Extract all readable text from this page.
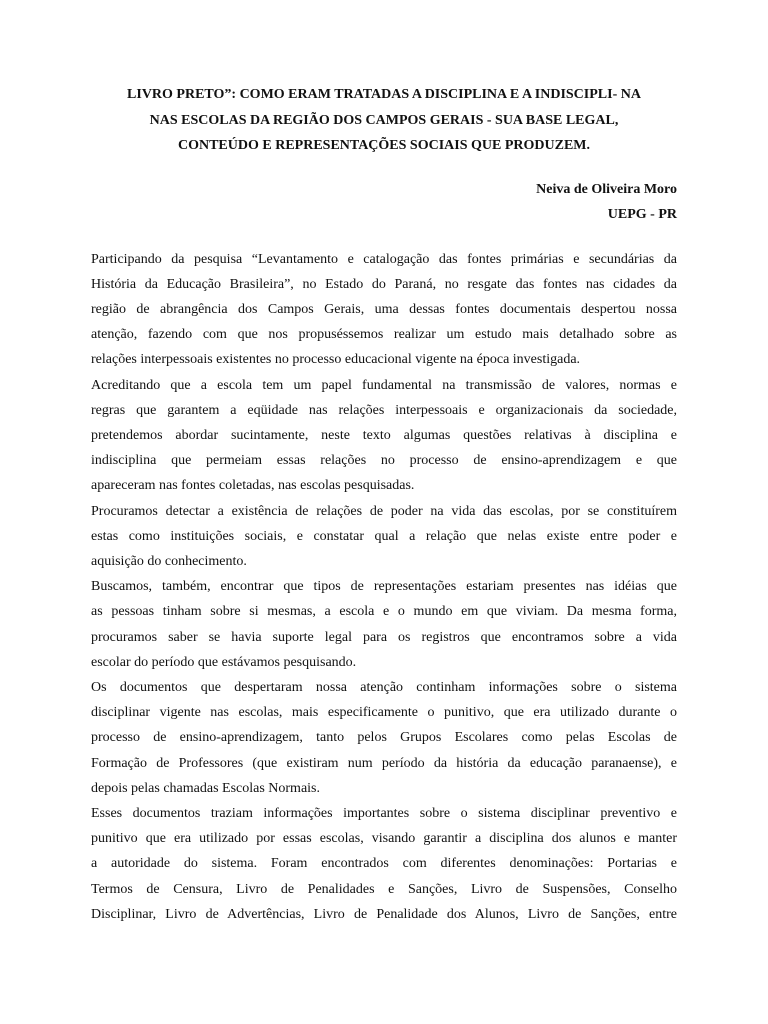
LIVRO PRETO”: COMO ERAM TRATADAS A DISCIPLINA E A INDISCIPLI- NA
NAS ESCOLAS DA REGIÃO DOS CAMPOS GERAIS - SUA BASE LEGAL,
CONTEÚDO E REPRESENTAÇÕES SOCIAIS QUE PRODUZEM.
Neiva de Oliveira Moro
UEPG - PR

Participando da pesquisa “Levantamento e catalogação das fontes primárias e secundárias da
História da Educação Brasileira”, no Estado do Paraná, no resgate das fontes nas cidades da
região de abrangência dos Campos Gerais, uma dessas fontes documentais despertou nossa
atenção, fazendo com que nos propuséssemos realizar um estudo mais detalhado sobre as
relações interpessoais existentes no processo educacional vigente na época investigada.

Acreditando que a escola tem um papel fundamental na transmissão de valores, normas e
regras que garantem a eqüidade nas relações interpessoais e organizacionais da sociedade,
pretendemos abordar sucintamente, neste texto algumas questões relativas à disciplina e
indisciplina que permeiam essas relações no processo de ensino-aprendizagem e que
apareceram nas fontes coletadas, nas escolas pesquisadas.

Procuramos detectar a existência de relações de poder na vida das escolas, por se constituírem
estas como instituições sociais, e constatar qual a relação que nelas existe entre poder e
aquisição do conhecimento.

Buscamos, também, encontrar que tipos de representações estariam presentes nas idéias que
as pessoas tinham sobre si mesmas, a escola e o mundo em que viviam. Da mesma forma,
procuramos saber se havia suporte legal para os registros que encontramos sobre a vida
escolar do período que estávamos pesquisando.

Os documentos que despertaram nossa atenção continham informações sobre o sistema
disciplinar vigente nas escolas, mais especificamente o punitivo, que era utilizado durante o
processo de ensino-aprendizagem, tanto pelos Grupos Escolares como pelas Escolas de
Formação de Professores (que existiram num período da história da educação paranaense), e
depois pelas chamadas Escolas Normais.

Esses documentos traziam informações importantes sobre o sistema disciplinar preventivo e
punitivo que era utilizado por essas escolas, visando garantir a disciplina dos alunos e manter
a autoridade do sistema. Foram encontrados com diferentes denominações: Portarias e
Termos de Censura, Livro de Penalidades e Sanções, Livro de Suspensões, Conselho
Disciplinar, Livro de Advertências, Livro de Penalidade dos Alunos, Livro de Sanções, entre
